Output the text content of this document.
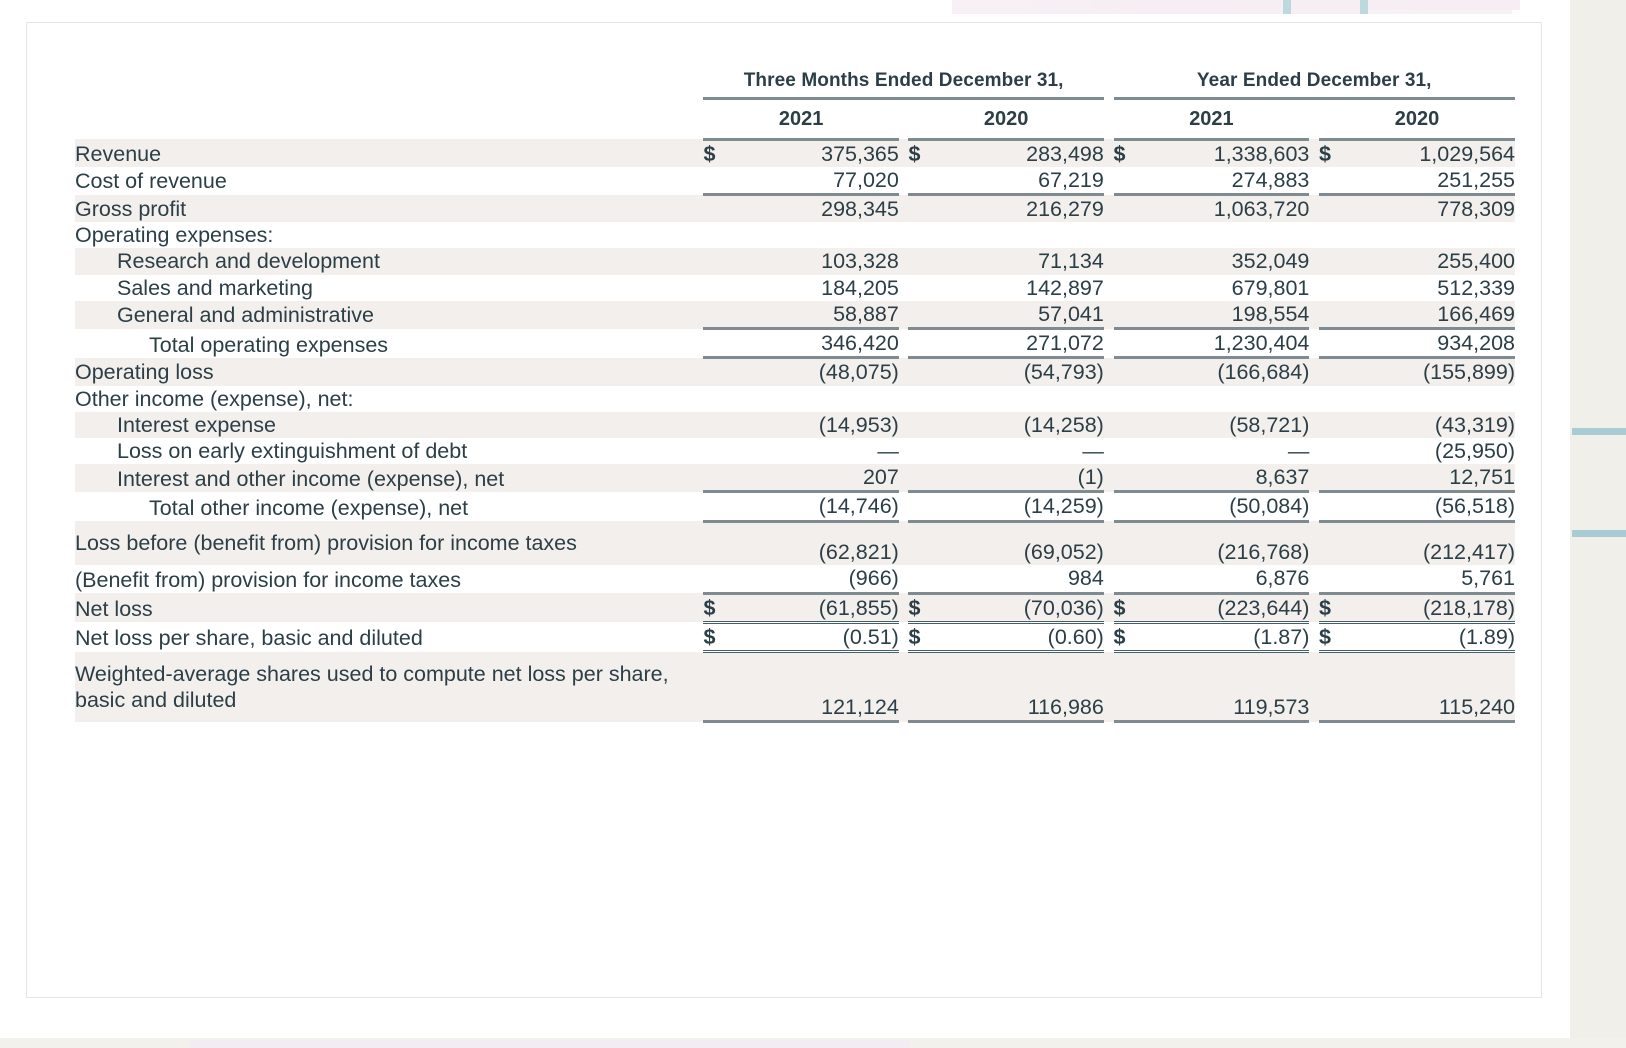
	Three Months Ended December 31,						Year Ended December 31,				
	2021			2020			2021			2020	
Revenue	$	375,365		$	283,498		$	1,338,603		$	1,029,564
Cost of revenue		77,020			67,219			274,883			251,255
Gross profit		298,345			216,279			1,063,720			778,309
Operating expenses:											
Research and development		103,328			71,134			352,049			255,400
Sales and marketing		184,205			142,897			679,801			512,339
General and administrative		58,887			57,041			198,554			166,469
Total operating expenses		346,420			271,072			1,230,404			934,208
Operating loss		(48,075)			(54,793)			(166,684)			(155,899)
Other income (expense), net:											
Interest expense		(14,953)			(14,258)			(58,721)			(43,319)
Loss on early extinguishment of debt		—			—			—			(25,950)
Interest and other income (expense), net		207			(1)			8,637			12,751
Total other income (expense), net		(14,746)			(14,259)			(50,084)			(56,518)
Loss before (benefit from) provision for income taxes		(62,821)			(69,052)			(216,768)			(212,417)
(Benefit from) provision for income taxes		(966)			984			6,876			5,761
Net loss	$	(61,855)		$	(70,036)		$	(223,644)		$	(218,178)
Net loss per share, basic and diluted	$	(0.51)		$	(0.60)		$	(1.87)		$	(1.89)
Weighted-average shares used to compute net loss per share, basic and diluted		121,124			116,986			119,573			115,240
